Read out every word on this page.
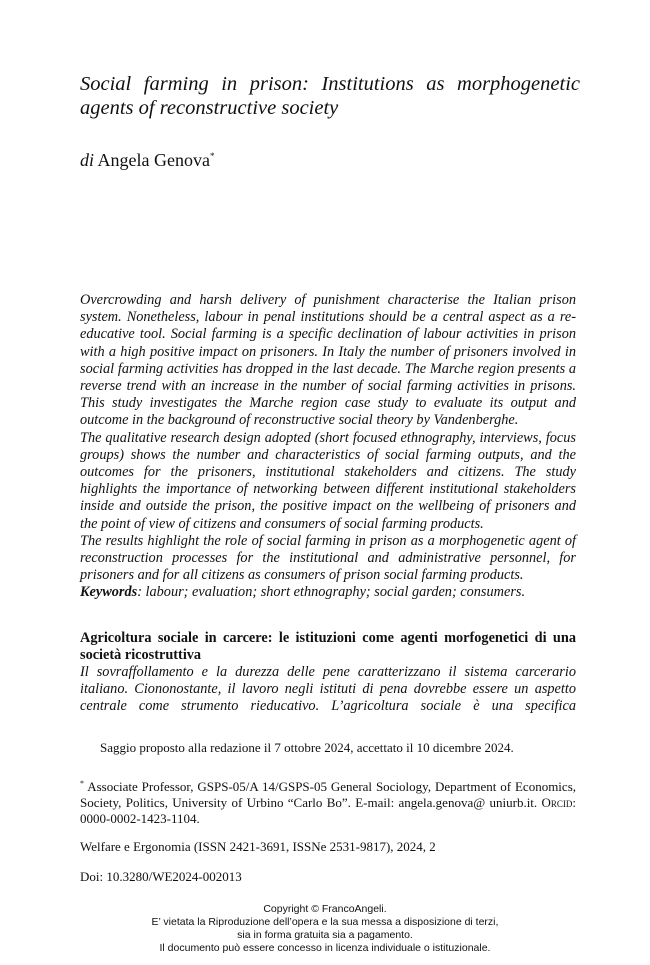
Social farming in prison: Institutions as morphogenetic agents of reconstructive society
di Angela Genova*

Overcrowding and harsh delivery of punishment characterise the Italian prison system. Nonetheless, labour in penal institutions should be a central aspect as a re-educative tool. Social farming is a specific declination of labour activities in prison with a high positive impact on prisoners. In Italy the number of prisoners involved in social farming activities has dropped in the last decade. The Marche region presents a reverse trend with an increase in the number of social farming activities in prisons. This study investigates the Marche region case study to evaluate its output and outcome in the background of reconstructive social theory by Vandenberghe.

The qualitative research design adopted (short focused ethnography, interviews, focus groups) shows the number and characteristics of social farming outputs, and the outcomes for the prisoners, institutional stakeholders and citizens. The study highlights the importance of networking between different institutional stakeholders inside and outside the prison, the positive impact on the wellbeing of prisoners and the point of view of citizens and consumers of social farming products.

The results highlight the role of social farming in prison as a morphogenetic agent of reconstruction processes for the institutional and administrative personnel, for prisoners and for all citizens as consumers of prison social farming products.

Keywords: labour; evaluation; short ethnography; social garden; consumers.

Agricoltura sociale in carcere: le istituzioni come agenti morfogenetici di una società ricostruttiva

Il sovraffollamento e la durezza delle pene caratterizzano il sistema carcerario italiano. Ciononostante, il lavoro negli istituti di pena dovrebbe essere un aspetto centrale come strumento rieducativo. L’agricoltura sociale è una specifica

Saggio proposto alla redazione il 7 ottobre 2024, accettato il 10 dicembre 2024.

* Associate Professor, GSPS-05/A 14/GSPS-05 General Sociology, Department of Economics, Society, Politics, University of Urbino “Carlo Bo”. E-mail: angela.genova@ uniurb.it. Orcid: 0000-0002-1423-1104.

Welfare e Ergonomia (ISSN 2421-3691, ISSNe 2531-9817), 2024, 2
Doi: 10.3280/WE2024-002013
Copyright © FrancoAngeli.
E’ vietata la Riproduzione dell’opera e la sua messa a disposizione di terzi,
sia in forma gratuita sia a pagamento.
Il documento può essere concesso in licenza individuale o istituzionale.
